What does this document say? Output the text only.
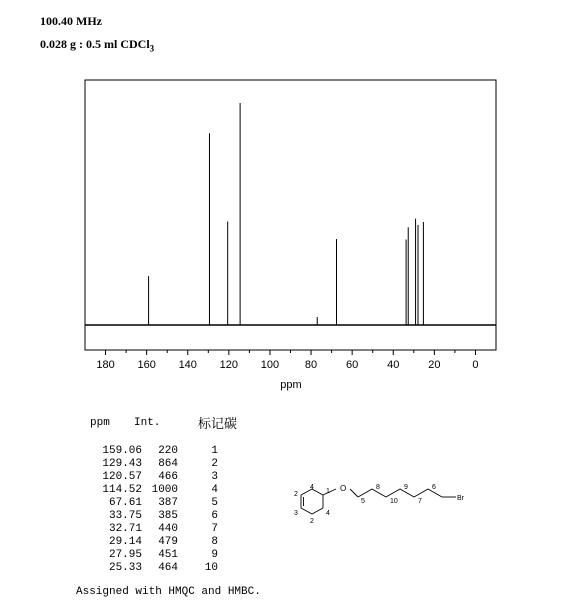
100.40 MHz
0.028 g : 0.5 ml CDCl$_3$
180 160 140 120 100 80	60	40	20	0
ppm
ppm Int.	标记碳
159.06	220	1
129.43	864	2
120.57	466	3
114.52 1000	4
67.61	387	5
33.75	385	6
32.71	440	7
29.14	479	8
27.95	451	9
25.33	464 10
2
4
1 O
5
8
10
9
7
6
Br
3	4
2
Assigned with HMQC and HMBC.
